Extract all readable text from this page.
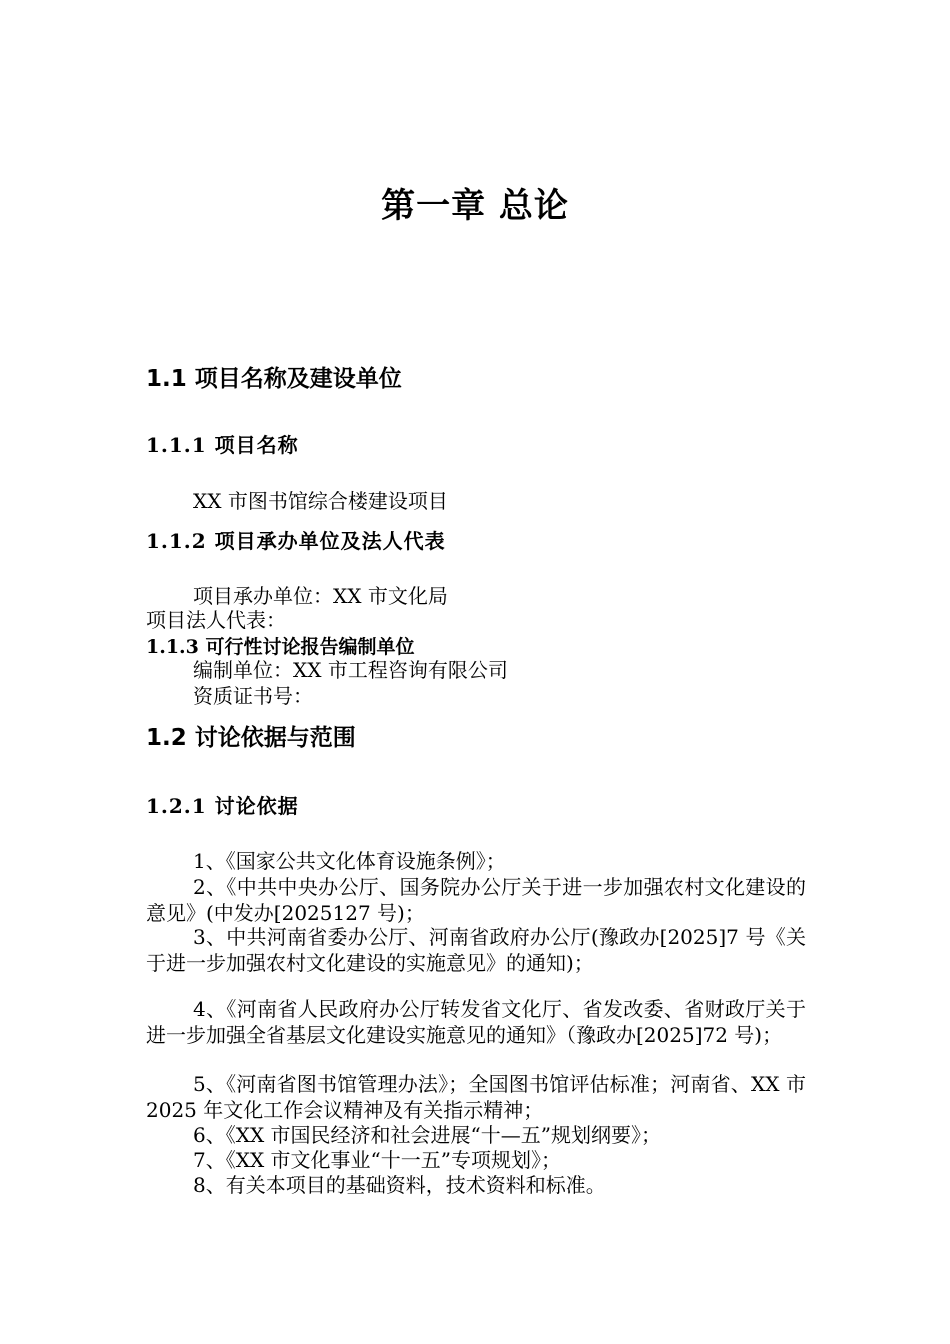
第一章 总论
1.1 项目名称及建设单位
1.1.1 项目名称
XX 市图书馆综合楼建设项目
1.1.2 项目承办单位及法人代表
项目承办单位：XX 市文化局
项目法人代表：
1.1.3 可行性讨论报告编制单位
编制单位：XX 市工程咨询有限公司
资质证书号：
1.2 讨论依据与范围
1.2.1 讨论依据

1、《国家公共文化体育设施条例》；

2、《中共中央办公厅、国务院办公厅关于进一步加强农村文化建设的意见》(中发办[2025127 号)；

3、中共河南省委办公厅、河南省政府办公厅(豫政办[2025]7 号《关于进一步加强农村文化建设的实施意见》的通知)；

4、《河南省人民政府办公厅转发省文化厅、省发改委、省财政厅关于进一步加强全省基层文化建设实施意见的通知》（豫政办[2025]72 号)；

5、《河南省图书馆管理办法》；全国图书馆评估标准；河南省、XX 市 2025 年文化工作会议精神及有关指示精神；

6、《XX 市国民经济和社会进展“十—五”规划纲要》；

7、《XX 市文化事业“十一五”专项规划》；

8、有关本项目的基础资料，技术资料和标准。
